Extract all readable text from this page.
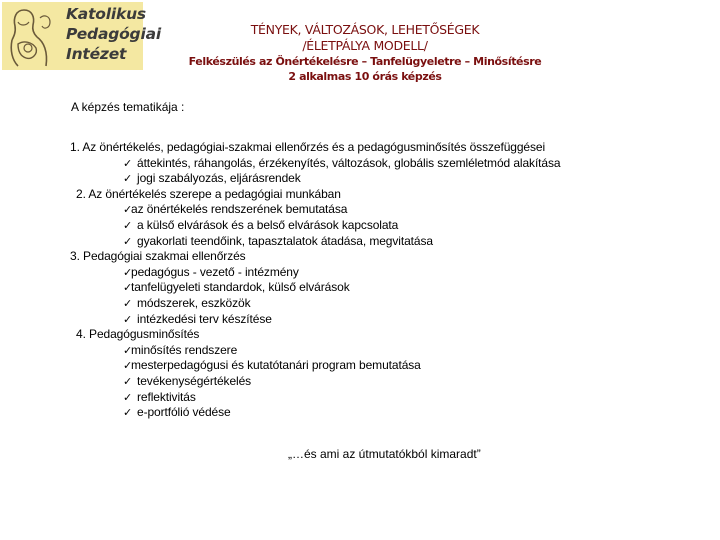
Katolikus
Pedagógiai
Intézet
TÉNYEK, VÁLTOZÁSOK, LEHETŐSÉGEK
/ÉLETPÁLYA MODELL/
Felkészülés az Önértékelésre – Tanfelügyeletre – Minősítésre
2 alkalmas 10 órás képzés
A képzés tematikája :
1. Az önértékelés, pedagógiai-szakmai ellenőrzés és a pedagógusminősítés összefüggései
✓ áttekintés, ráhangolás, érzékenyítés, változások, globális szemléletmód alakítása
✓ jogi szabályozás, eljárásrendek
2. Az önértékelés szerepe a pedagógiai munkában
✓az önértékelés rendszerének bemutatása
✓ a külső elvárások és a belső elvárások kapcsolata
✓ gyakorlati teendőink, tapasztalatok átadása, megvitatása
3. Pedagógiai szakmai ellenőrzés
✓pedagógus - vezető - intézmény
✓tanfelügyeleti standardok, külső elvárások
✓ módszerek, eszközök
✓ intézkedési terv készítése
4. Pedagógusminősítés
✓minősítés rendszere
✓mesterpedagógusi és kutatótanári program bemutatása
✓ tevékenységértékelés
✓ reflektivitás
✓ e-portfólió védése
„…és ami az útmutatókból kimaradt”
